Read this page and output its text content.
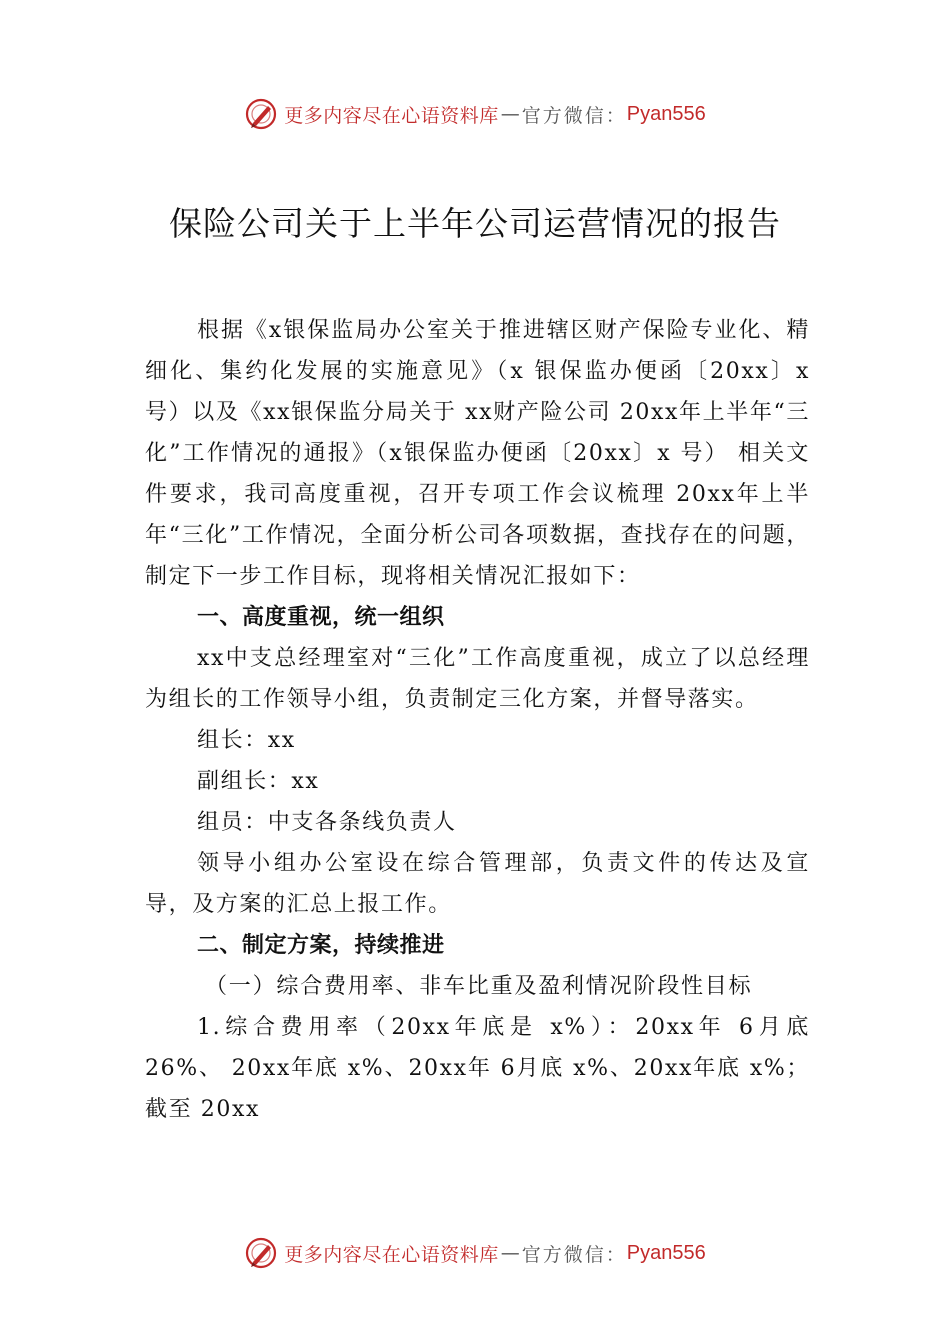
更多内容尽在心语资料库 — 官方微信： Pyan556
保险公司关于上半年公司运营情况的报告

根据《x银保监局办公室关于推进辖区财产保险专业化、精细化、集约化发展的实施意见》（x 银保监办便函〔20xx〕x 号）以及《xx银保监分局关于 xx财产险公司 20xx年上半年“三化”工作情况的通报》（x银保监办便函〔20xx〕x 号） 相关文件要求，我司高度重视，召开专项工作会议梳理 20xx年上半年“三化”工作情况，全面分析公司各项数据，查找存在的问题，制定下一步工作目标，现将相关情况汇报如下：

一、高度重视，统一组织

xx中支总经理室对“三化”工作高度重视，成立了以总经理为组长的工作领导小组，负责制定三化方案，并督导落实。

组长：xx

副组长：xx

组员：中支各条线负责人

领导小组办公室设在综合管理部，负责文件的传达及宣导，及方案的汇总上报工作。

二、制定方案，持续推进

（一）综合费用率、非车比重及盈利情况阶段性目标

1.综合费用率（20xx年底是 x%）：20xx年 6月底 26%、 20xx年底 x%、20xx年 6月底 x%、20xx年底 x%；截至 20xx

更多内容尽在心语资料库 — 官方微信： Pyan556
